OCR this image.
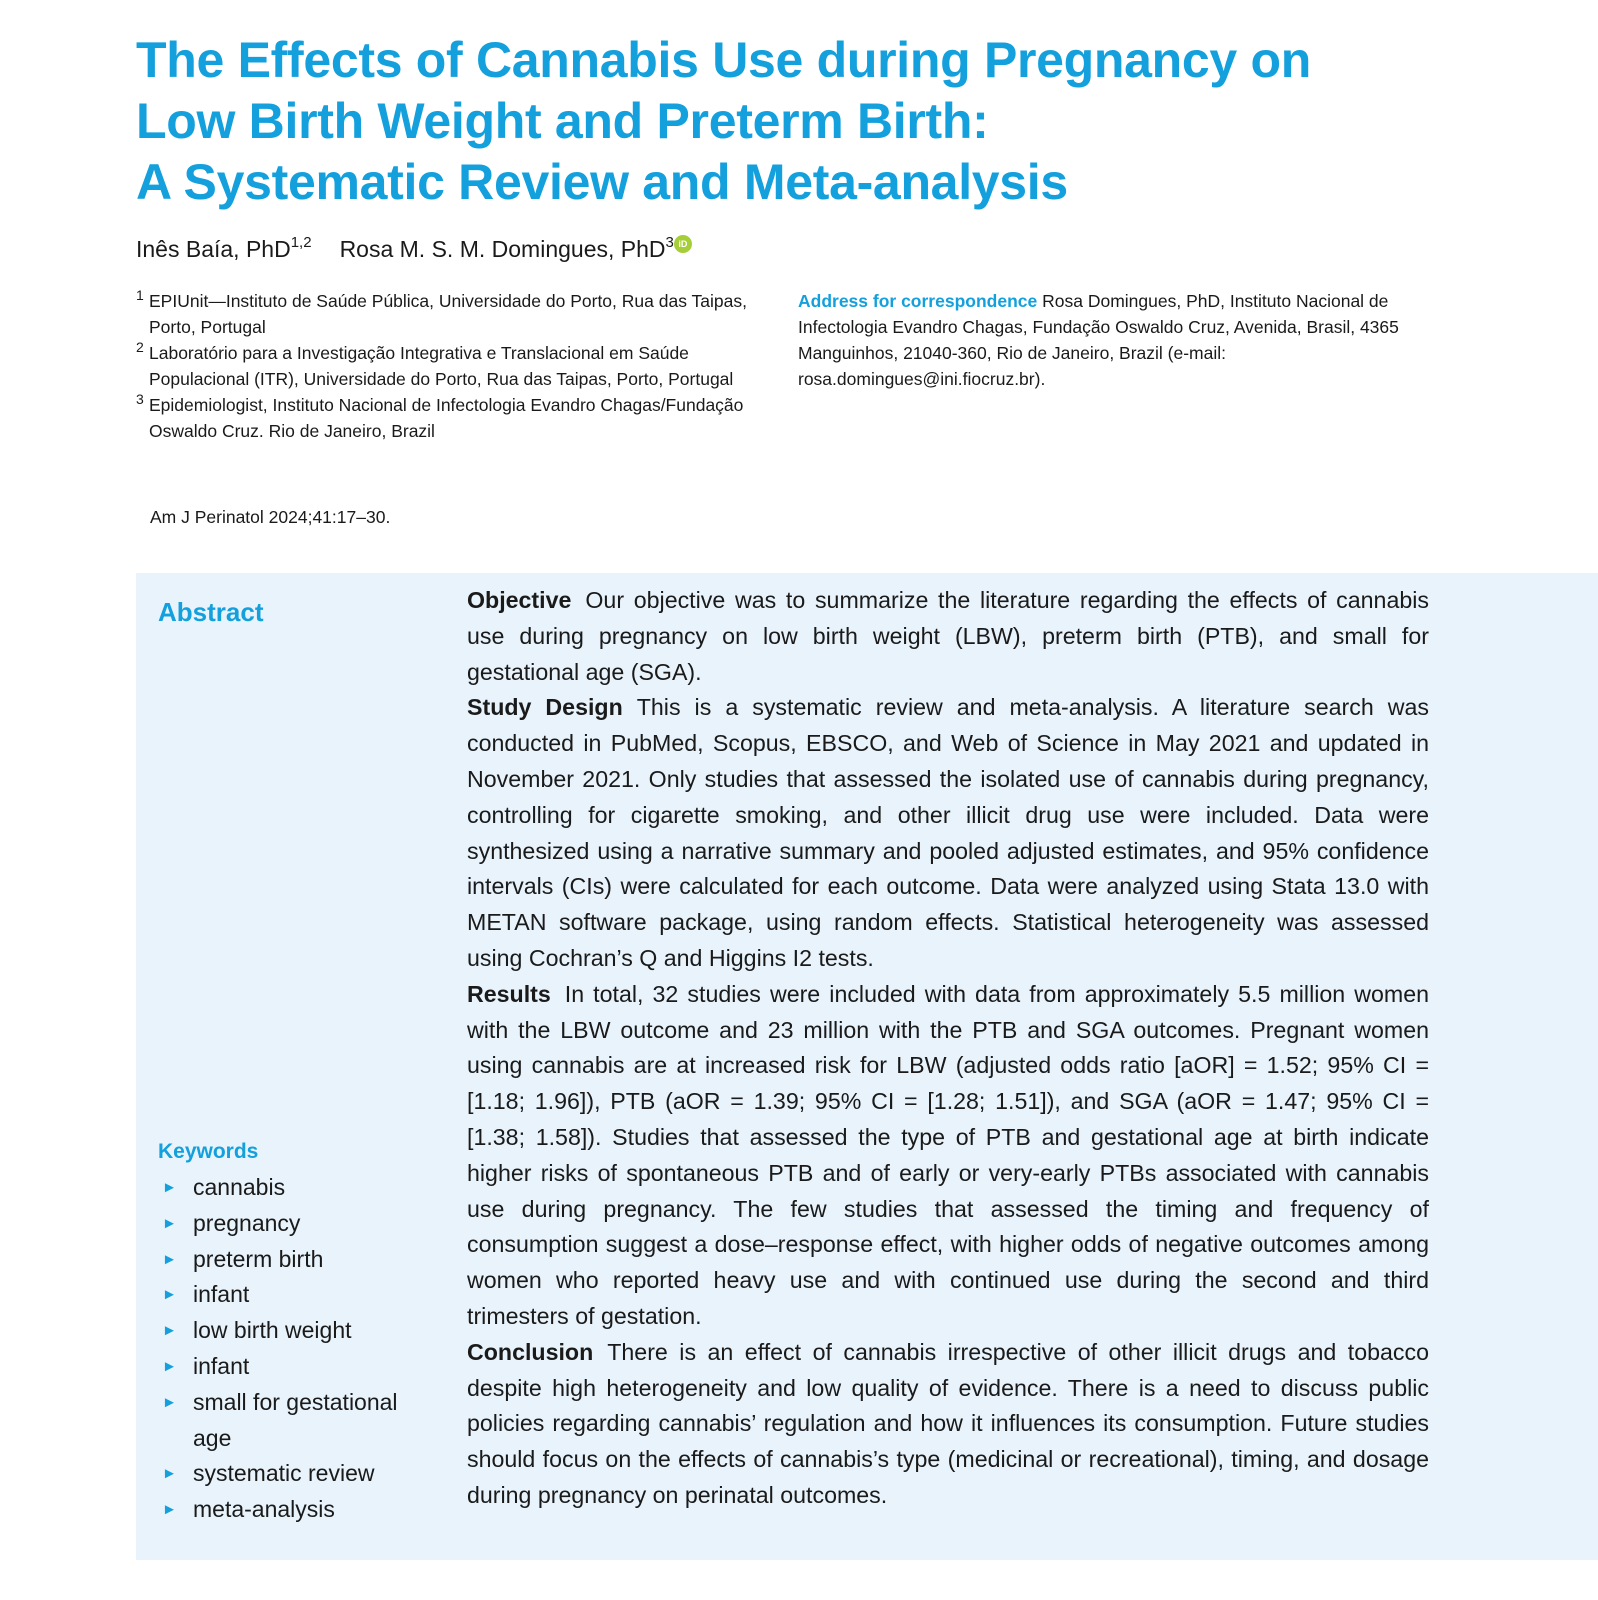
The Effects of Cannabis Use during Pregnancy on
Low Birth Weight and Preterm Birth:
A Systematic Review and Meta-analysis
Inês Baía, PhD$^{1,2}$ Rosa M. S. M. Domingues, PhD$^3$ iD

1 EPIUnit—Instituto de Saúde Pública, Universidade do Porto, Rua das Taipas, Porto, Portugal

2 Laboratório para a Investigação Integrativa e Translacional em Saúde Populacional (ITR), Universidade do Porto, Rua das Taipas, Porto, Portugal

3 Epidemiologist, Instituto Nacional de Infectologia Evandro Chagas/Fundação Oswaldo Cruz. Rio de Janeiro, Brazil

Address for correspondence Rosa Domingues, PhD, Instituto Nacional de Infectologia Evandro Chagas, Fundação Oswaldo Cruz, Avenida, Brasil, 4365 Manguinhos, 21040-360, Rio de Janeiro, Brazil (e-mail: rosa.domingues@ini.fiocruz.br).
Am J Perinatol 2024;41:17–30.
Abstract	Objective Our objective was to summarize the literature regarding the effects of cannabis use during pregnancy on low birth weight (LBW), preterm birth (PTB), and small for gestational age (SGA).

Study Design This is a systematic review and meta-analysis. A literature search was conducted in PubMed, Scopus, EBSCO, and Web of Science in May 2021 and updated in November 2021. Only studies that assessed the isolated use of cannabis during pregnancy, controlling for cigarette smoking, and other illicit drug use were included. Data were synthesized using a narrative summary and pooled adjusted estimates, and 95% confidence intervals (CIs) were calculated for each outcome. Data were analyzed using Stata 13.0 with METAN software package, using random effects. Statistical heterogeneity was assessed using Cochran’s Q and Higgins I2 tests.

Results In total, 32 studies were included with data from approximately 5.5 million women with the LBW outcome and 23 million with the PTB and SGA outcomes. Pregnant women using cannabis are at increased risk for LBW (adjusted odds ratio [aOR] = 1.52; 95% CI = [1.18; 1.96]), PTB (aOR = 1.39; 95% CI = [1.28; 1.51]), and SGA (aOR = 1.47; 95% CI = [1.38; 1.58]). Studies that assessed the type of PTB and gestational age at birth indicate higher risks of spontaneous PTB and of early or very-early PTBs associated with cannabis use during pregnancy. The few studies that assessed the timing and frequency of consumption suggest a dose–response effect, with higher odds of negative outcomes among women who reported heavy use and with continued use during the second and third trimesters of gestation.

Conclusion There is an effect of cannabis irrespective of other illicit drugs and tobacco despite high heterogeneity and low quality of evidence. There is a need to discuss public policies regarding cannabis’ regulation and how it influences its consumption. Future studies should focus on the effects of cannabis’s type (medicinal or recreational), timing, and dosage during pregnancy on perinatal outcomes.

Keywords
► cannabis
► pregnancy
► preterm birth
► infant
► low birth weight
► infant
► small for gestational age
► systematic review
► meta-analysis
